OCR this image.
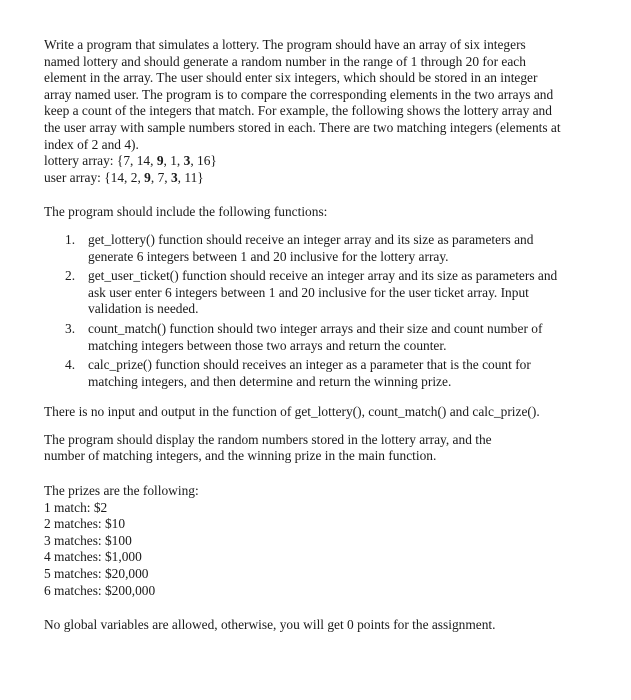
Write a program that simulates a lottery. The program should have an array of six integers
named lottery and should generate a random number in the range of 1 through 20 for each
element in the array. The user should enter six integers, which should be stored in an integer
array named user. The program is to compare the corresponding elements in the two arrays and
keep a count of the integers that match. For example, the following shows the lottery array and
the user array with sample numbers stored in each. There are two matching integers (elements at
index of 2 and 4).
lottery array: {7, 14, 9, 1, 3, 16}
user array: {14, 2, 9, 7, 3, 11}
The program should include the following functions:
1. get_lottery() function should receive an integer array and its size as parameters and
generate 6 integers between 1 and 20 inclusive for the lottery array.
2. get_user_ticket() function should receive an integer array and its size as parameters and
ask user enter 6 integers between 1 and 20 inclusive for the user ticket array. Input
validation is needed.
3. count_match() function should two integer arrays and their size and count number of
matching integers between those two arrays and return the counter.
4. calc_prize() function should receives an integer as a parameter that is the count for
matching integers, and then determine and return the winning prize.
There is no input and output in the function of get_lottery(), count_match() and calc_prize().
The program should display the random numbers stored in the lottery array, and the
number of matching integers, and the winning prize in the main function.
The prizes are the following:
1 match: $2
2 matches: $10
3 matches: $100
4 matches: $1,000
5 matches: $20,000
6 matches: $200,000
No global variables are allowed, otherwise, you will get 0 points for the assignment.
